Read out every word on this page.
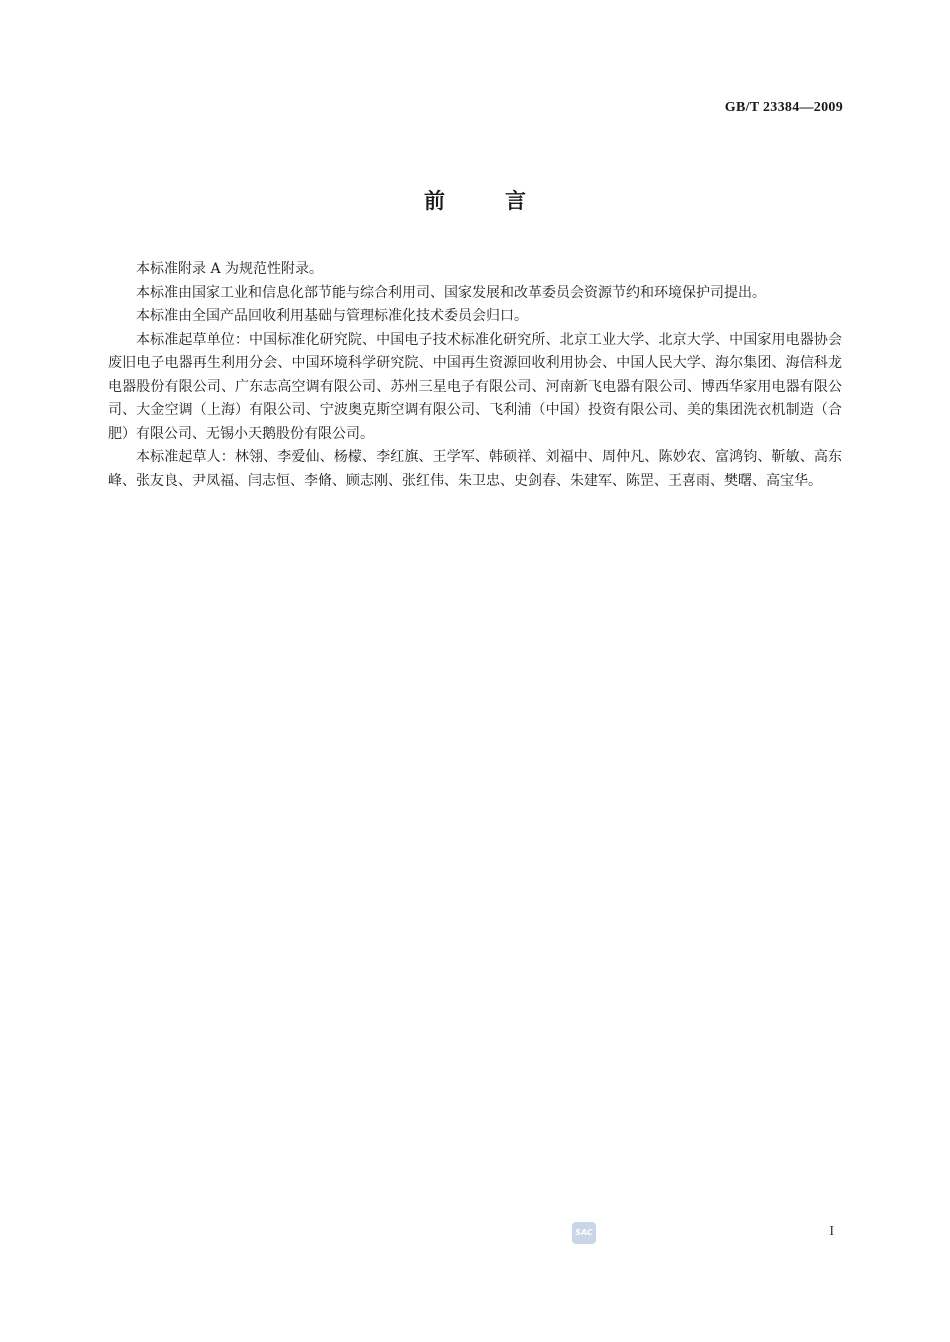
GB/T 23384—2009
前言

本标准附录 A 为规范性附录。

本标准由国家工业和信息化部节能与综合利用司、国家发展和改革委员会资源节约和环境保护司提出。

本标准由全国产品回收利用基础与管理标准化技术委员会归口。

本标准起草单位：中国标准化研究院、中国电子技术标准化研究所、北京工业大学、北京大学、中国家用电器协会废旧电子电器再生利用分会、中国环境科学研究院、中国再生资源回收利用协会、中国人民大学、海尔集团、海信科龙电器股份有限公司、广东志高空调有限公司、苏州三星电子有限公司、河南新飞电器有限公司、博西华家用电器有限公司、大金空调（上海）有限公司、宁波奥克斯空调有限公司、飞利浦（中国）投资有限公司、美的集团洗衣机制造（合肥）有限公司、无锡小天鹅股份有限公司。

本标准起草人：林翎、李爱仙、杨檬、李红旗、王学军、韩硕祥、刘福中、周仲凡、陈妙农、富鸿钧、靳敏、高东峰、张友良、尹凤福、闫志恒、李脩、顾志刚、张红伟、朱卫忠、史剑春、朱建军、陈罡、王喜雨、樊曙、高宝华。

SAC	I
